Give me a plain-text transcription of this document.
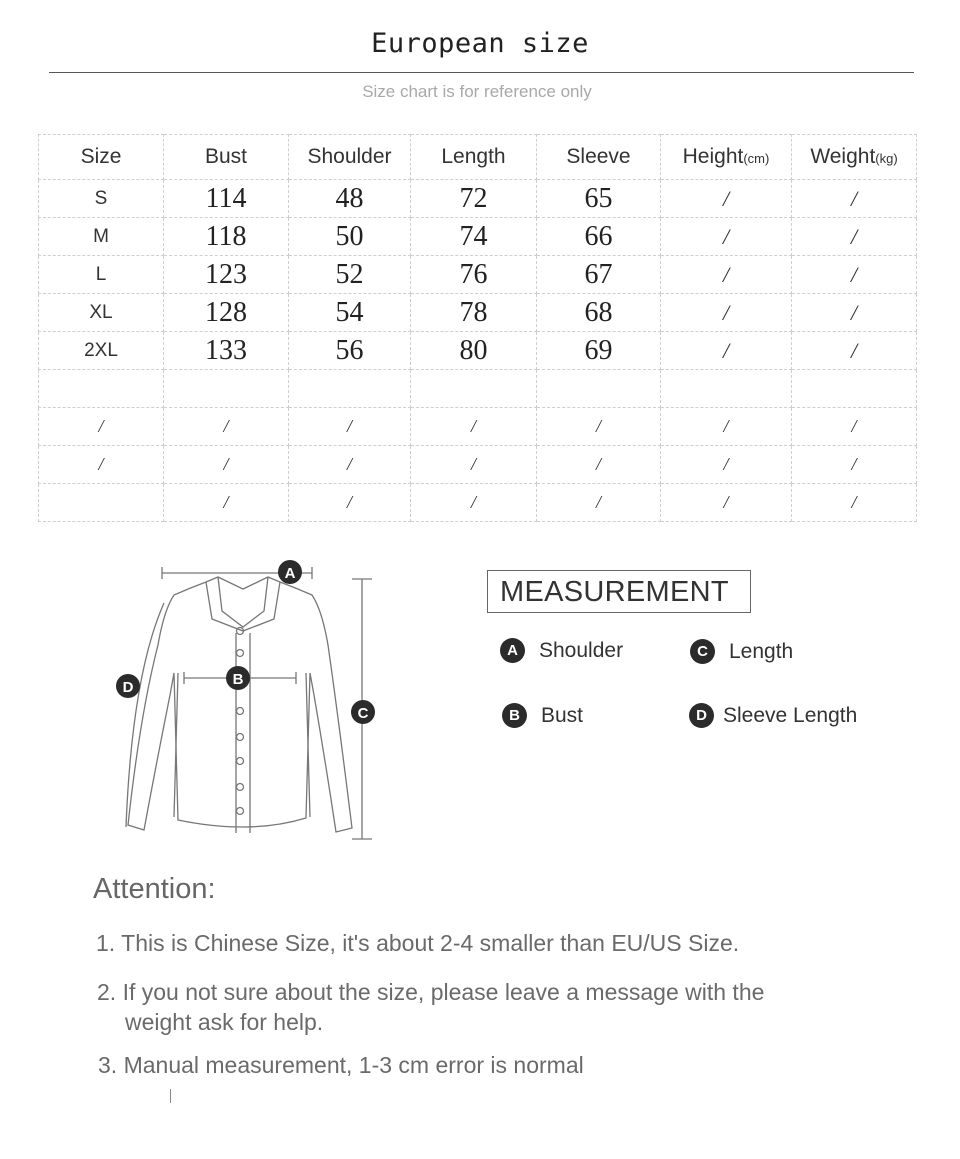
European size
Size chart is for reference only
Size	Bust	Shoulder	Length	Sleeve	Height(cm)	Weight(kg)
S	114	48	72	65	/	/
M	118	50	74	66	/	/
L	123	52	76	67	/	/
XL	128	54	78	68	/	/
2XL	133	56	80	69	/	/

/	/	/	/	/	/	/
/	/	/	/	/	/	/
	/	/	/	/	/	/
A
B
C
D
MEASUREMENT
A	Shoulder	C	Length
B	Bust	D Sleeve Length
Attention:
1. This is Chinese Size, it's about 2-4 smaller than EU/US Size.
2. If you not sure about the size, please leave a message with the
weight ask for help.
3. Manual measurement, 1-3 cm error is normal
